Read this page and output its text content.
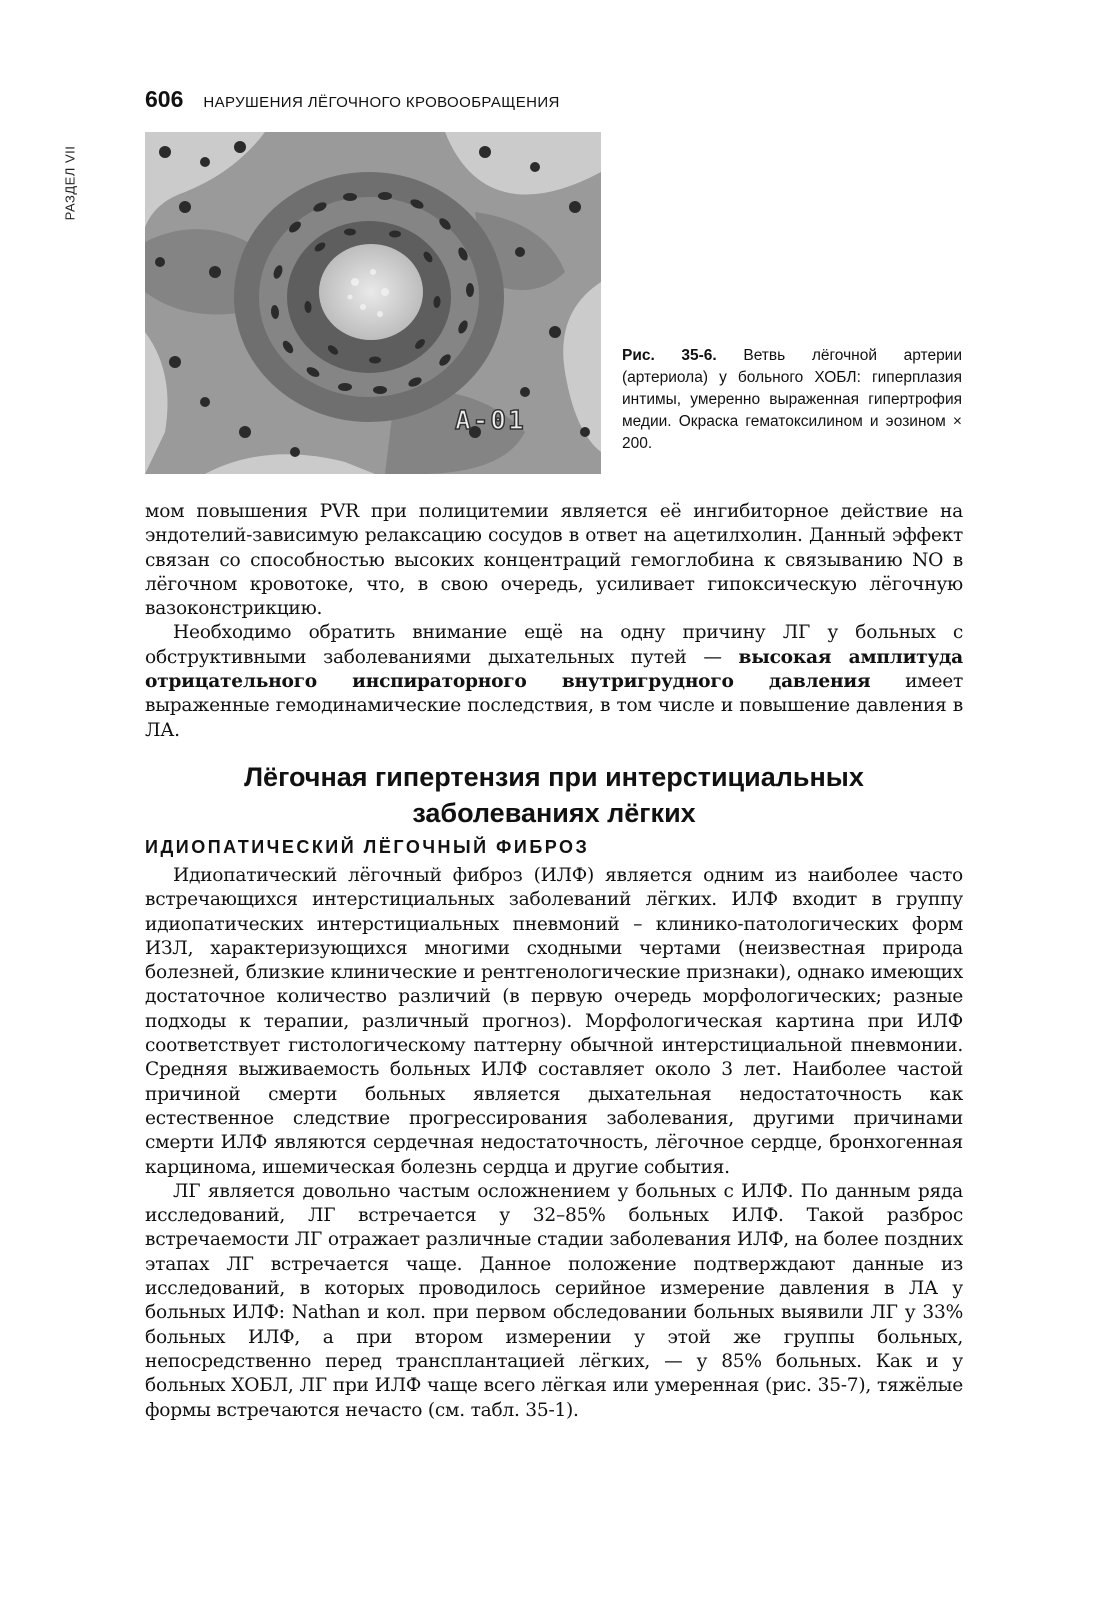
РАЗДЕЛ VII
606 НАРУШЕНИЯ ЛЁГОЧНОГО КРОВООБРАЩЕНИЯ
A-01
Рис. 35-6. Ветвь лёгочной артерии (артериола) у больного ХОБЛ: гиперплазия интимы, умеренно выраженная гипертрофия медии. Окраска гематоксилином и эозином × 200.

мом повышения PVR при полицитемии является её ингибиторное действие на эндотелий-зависимую релаксацию сосудов в ответ на ацетилхолин. Данный эффект связан со способностью высоких концентраций гемоглобина к связыванию NO в лёгочном кровотоке, что, в свою очередь, усиливает гипоксическую лёгочную вазоконстрикцию.

Необходимо обратить внимание ещё на одну причину ЛГ у больных с обструктивными заболеваниями дыхательных путей — высокая амплитуда отрицательного инспираторного внутригрудного давления имеет выраженные гемодинамические последствия, в том числе и повышение давления в ЛА.

Лёгочная гипертензия при интерстициальных
заболеваниях лёгких
ИДИОПАТИЧЕСКИЙ ЛЁГОЧНЫЙ ФИБРОЗ

Идиопатический лёгочный фиброз (ИЛФ) является одним из наиболее часто встречающихся интерстициальных заболеваний лёгких. ИЛФ входит в группу идиопатических интерстициальных пневмоний – клинико-патологических форм ИЗЛ, характеризующихся многими сходными чертами (неизвестная природа болезней, близкие клинические и рентгенологические признаки), однако имеющих достаточное количество различий (в первую очередь морфологических; разные подходы к терапии, различный прогноз). Морфологическая картина при ИЛФ соответствует гистологическому паттерну обычной интерстициальной пневмонии. Средняя выживаемость больных ИЛФ составляет около 3 лет. Наиболее частой причиной смерти больных является дыхательная недостаточность как естественное следствие прогрессирования заболевания, другими причинами смерти ИЛФ являются сердечная недостаточность, лёгочное сердце, бронхогенная карцинома, ишемическая болезнь сердца и другие события.

ЛГ является довольно частым осложнением у больных с ИЛФ. По данным ряда исследований, ЛГ встречается у 32–85% больных ИЛФ. Такой разброс встречаемости ЛГ отражает различные стадии заболевания ИЛФ, на более поздних этапах ЛГ встречается чаще. Данное положение подтверждают данные из исследований, в которых проводилось серийное измерение давления в ЛА у больных ИЛФ: Nathan и кол. при первом обследовании больных выявили ЛГ у 33% больных ИЛФ, а при втором измерении у этой же группы больных, непосредственно перед трансплантацией лёгких, — у 85% больных. Как и у больных ХОБЛ, ЛГ при ИЛФ чаще всего лёгкая или умеренная (рис. 35-7), тяжёлые формы встречаются нечасто (см. табл. 35-1).
